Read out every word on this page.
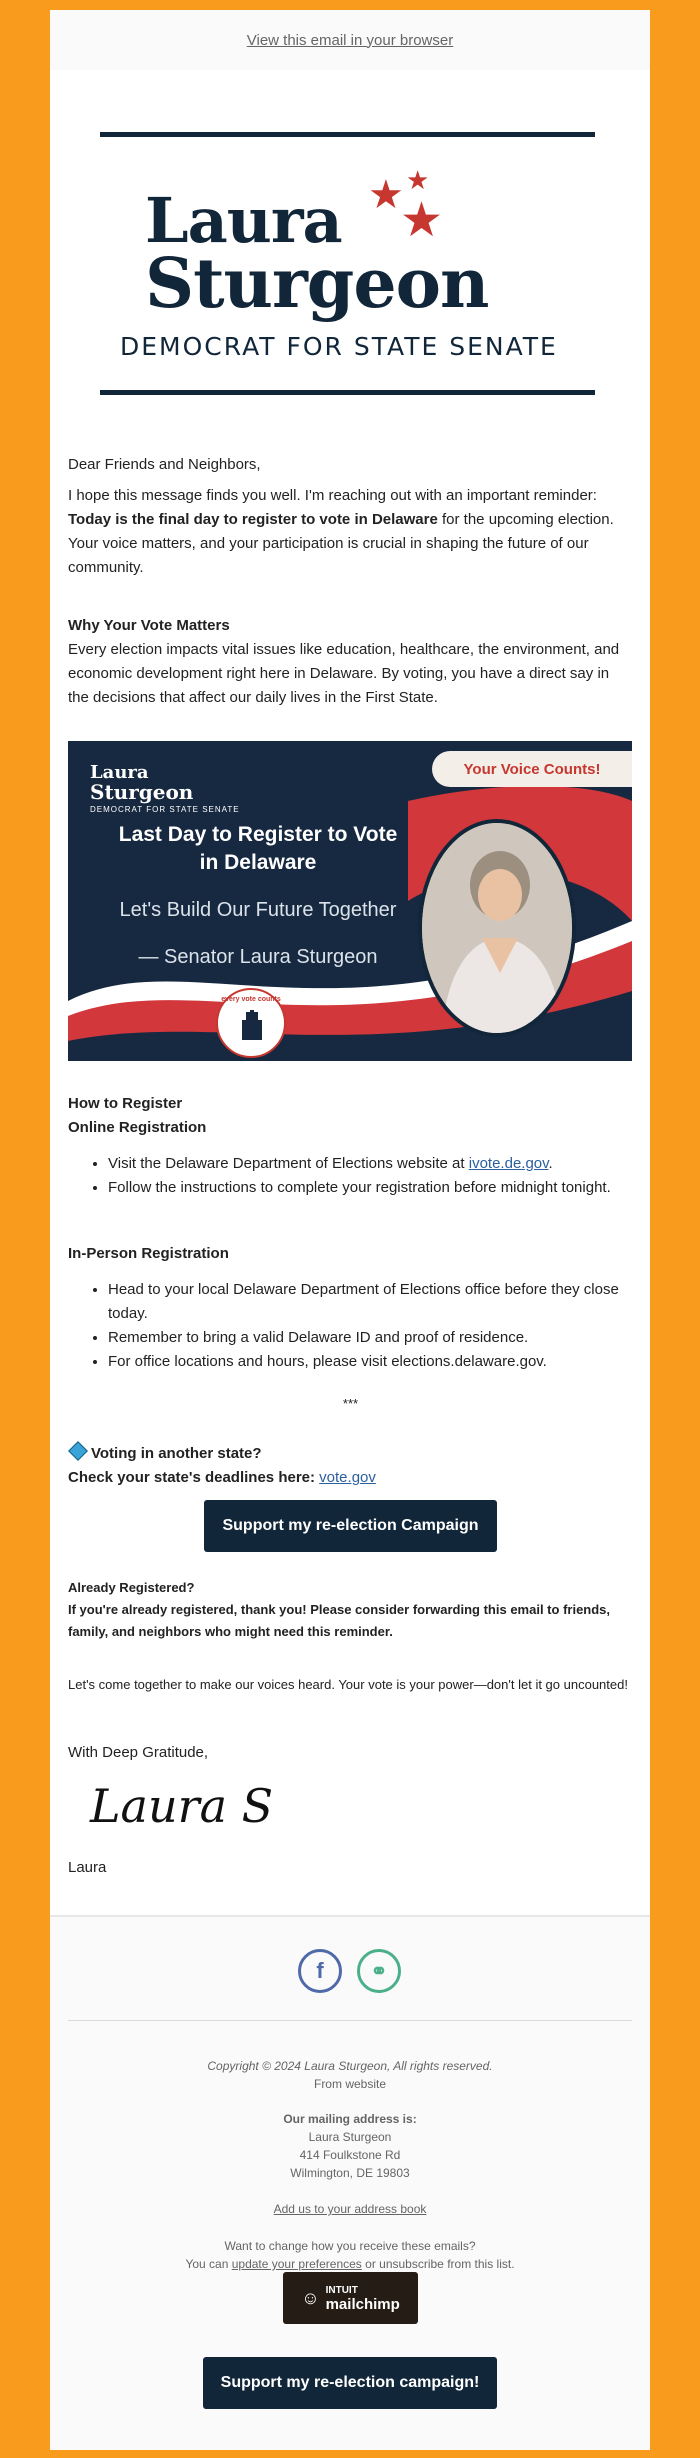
View this email in your browser
Laura
Sturgeon
★ ★
★
DEMOCRAT FOR STATE SENATE
Dear Friends and Neighbors,
I hope this message finds you well. I'm reaching out with an important reminder: Today is the final day to register to vote in Delaware for the upcoming election. Your voice matters, and your participation is crucial in shaping the future of our community.
Why Your Vote Matters
Every election impacts vital issues like education, healthcare, the environment, and economic development right here in Delaware. By voting, you have a direct say in the decisions that affect our daily lives in the First State.
Laura
Sturgeon
DEMOCRAT FOR STATE SENATE
Your Voice Counts!
Last Day to Register to Vote
in Delaware
Let's Build Our Future Together
— Senator Laura Sturgeon
every vote counts
How to Register
Online Registration
• Visit the Delaware Department of Elections website at ivote.de.gov.
• Follow the instructions to complete your registration before midnight tonight.
In-Person Registration
• Head to your local Delaware Department of Elections office before they close today.
• Remember to bring a valid Delaware ID and proof of residence.
• For office locations and hours, please visit elections.delaware.gov.
***
Voting in another state?
Check your state's deadlines here: vote.gov
Support my re-election Campaign
Already Registered?
If you're already registered, thank you! Please consider forwarding this email to friends, family, and neighbors who might need this reminder.
Let's come together to make our voices heard. Your vote is your power—don't let it go uncounted!
With Deep Gratitude,
Laura S
Laura
f	⚭
Copyright © 2024 Laura Sturgeon, All rights reserved.
From website
Our mailing address is:
Laura Sturgeon
414 Foulkstone Rd
Wilmington, DE 19803
Add us to your address book
Want to change how you receive these emails?
You can update your preferences or unsubscribe from this list.
☺ INTUIT
mailchimp
Support my re-election campaign!
